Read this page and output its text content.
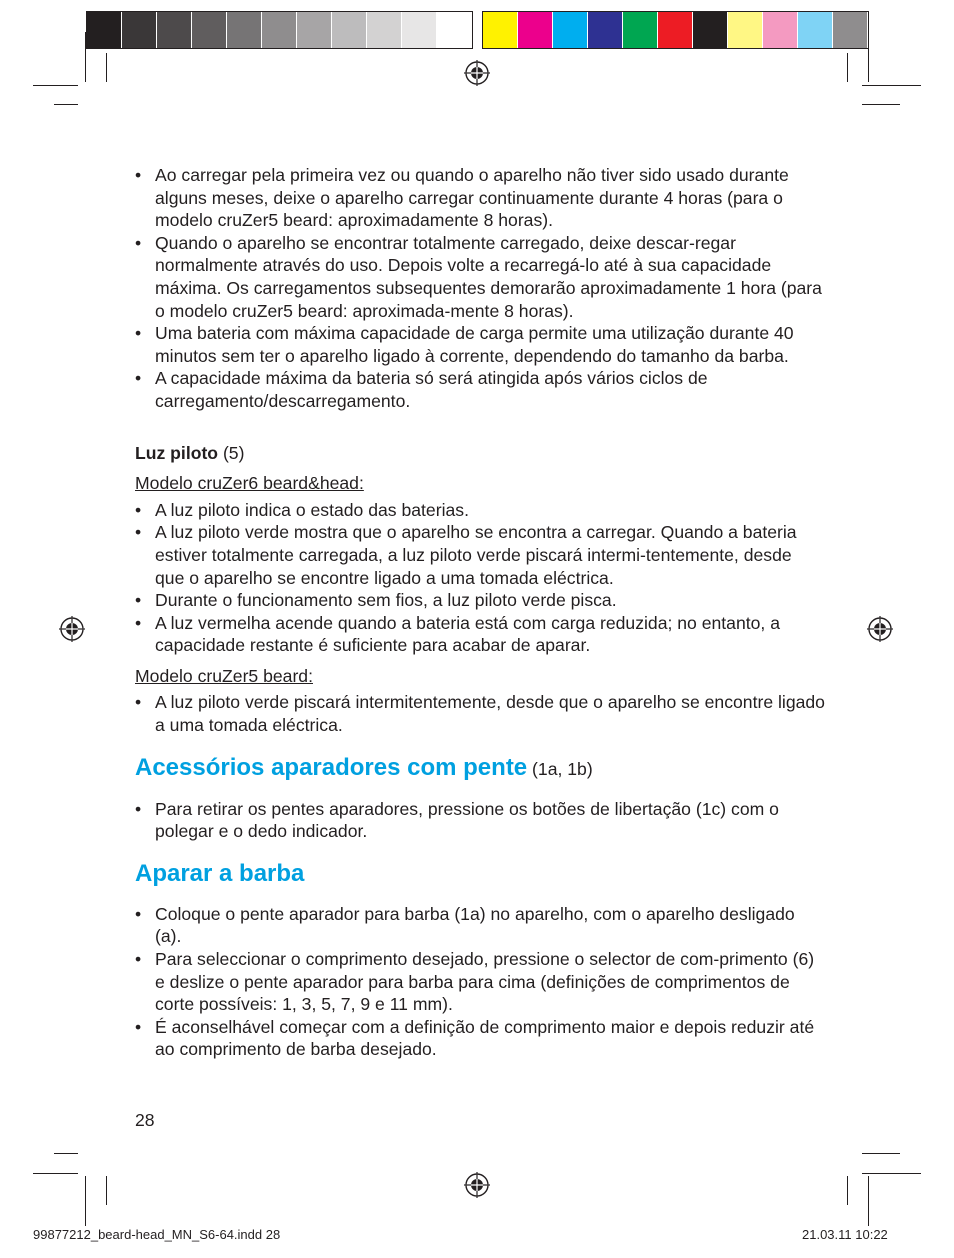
• Ao carregar pela primeira vez ou quando o aparelho não tiver sido usado durante alguns meses, deixe o aparelho carregar continuamente durante 4 horas (para o modelo cruZer5 beard: aproximadamente 8 horas).
• Quando o aparelho se encontrar totalmente carregado, deixe descar-regar normalmente através do uso. Depois volte a recarregá-lo até à sua capacidade máxima. Os carregamentos subsequentes demorarão aproximadamente 1 hora (para o modelo cruZer5 beard: aproximada-mente 8 horas).
• Uma bateria com máxima capacidade de carga permite uma utilização durante 40 minutos sem ter o aparelho ligado à corrente, dependendo do tamanho da barba.
• A capacidade máxima da bateria só será atingida após vários ciclos de carregamento/descarregamento.
Luz piloto (5)
Modelo cruZer6 beard&head:
• A luz piloto indica o estado das baterias.
• A luz piloto verde mostra que o aparelho se encontra a carregar. Quando a bateria estiver totalmente carregada, a luz piloto verde piscará intermi-tentemente, desde que o aparelho se encontre ligado a uma tomada eléctrica.
• Durante o funcionamento sem fios, a luz piloto verde pisca.
• A luz vermelha acende quando a bateria está com carga reduzida; no entanto, a capacidade restante é suficiente para acabar de aparar.
Modelo cruZer5 beard:
• A luz piloto verde piscará intermitentemente, desde que o aparelho se encontre ligado a uma tomada eléctrica.
Acessórios aparadores com pente (1a, 1b)
• Para retirar os pentes aparadores, pressione os botões de libertação (1c) com o polegar e o dedo indicador.
Aparar a barba
• Coloque o pente aparador para barba (1a) no aparelho, com o aparelho desligado (a).
• Para seleccionar o comprimento desejado, pressione o selector de com-primento (6) e deslize o pente aparador para barba para cima (definições de comprimentos de corte possíveis: 1, 3, 5, 7, 9 e 11 mm).
• É aconselhável começar com a definição de comprimento maior e depois reduzir até ao comprimento de barba desejado.
28
99877212_beard-head_MN_S6-64.indd 28	21.03.11 10:22
